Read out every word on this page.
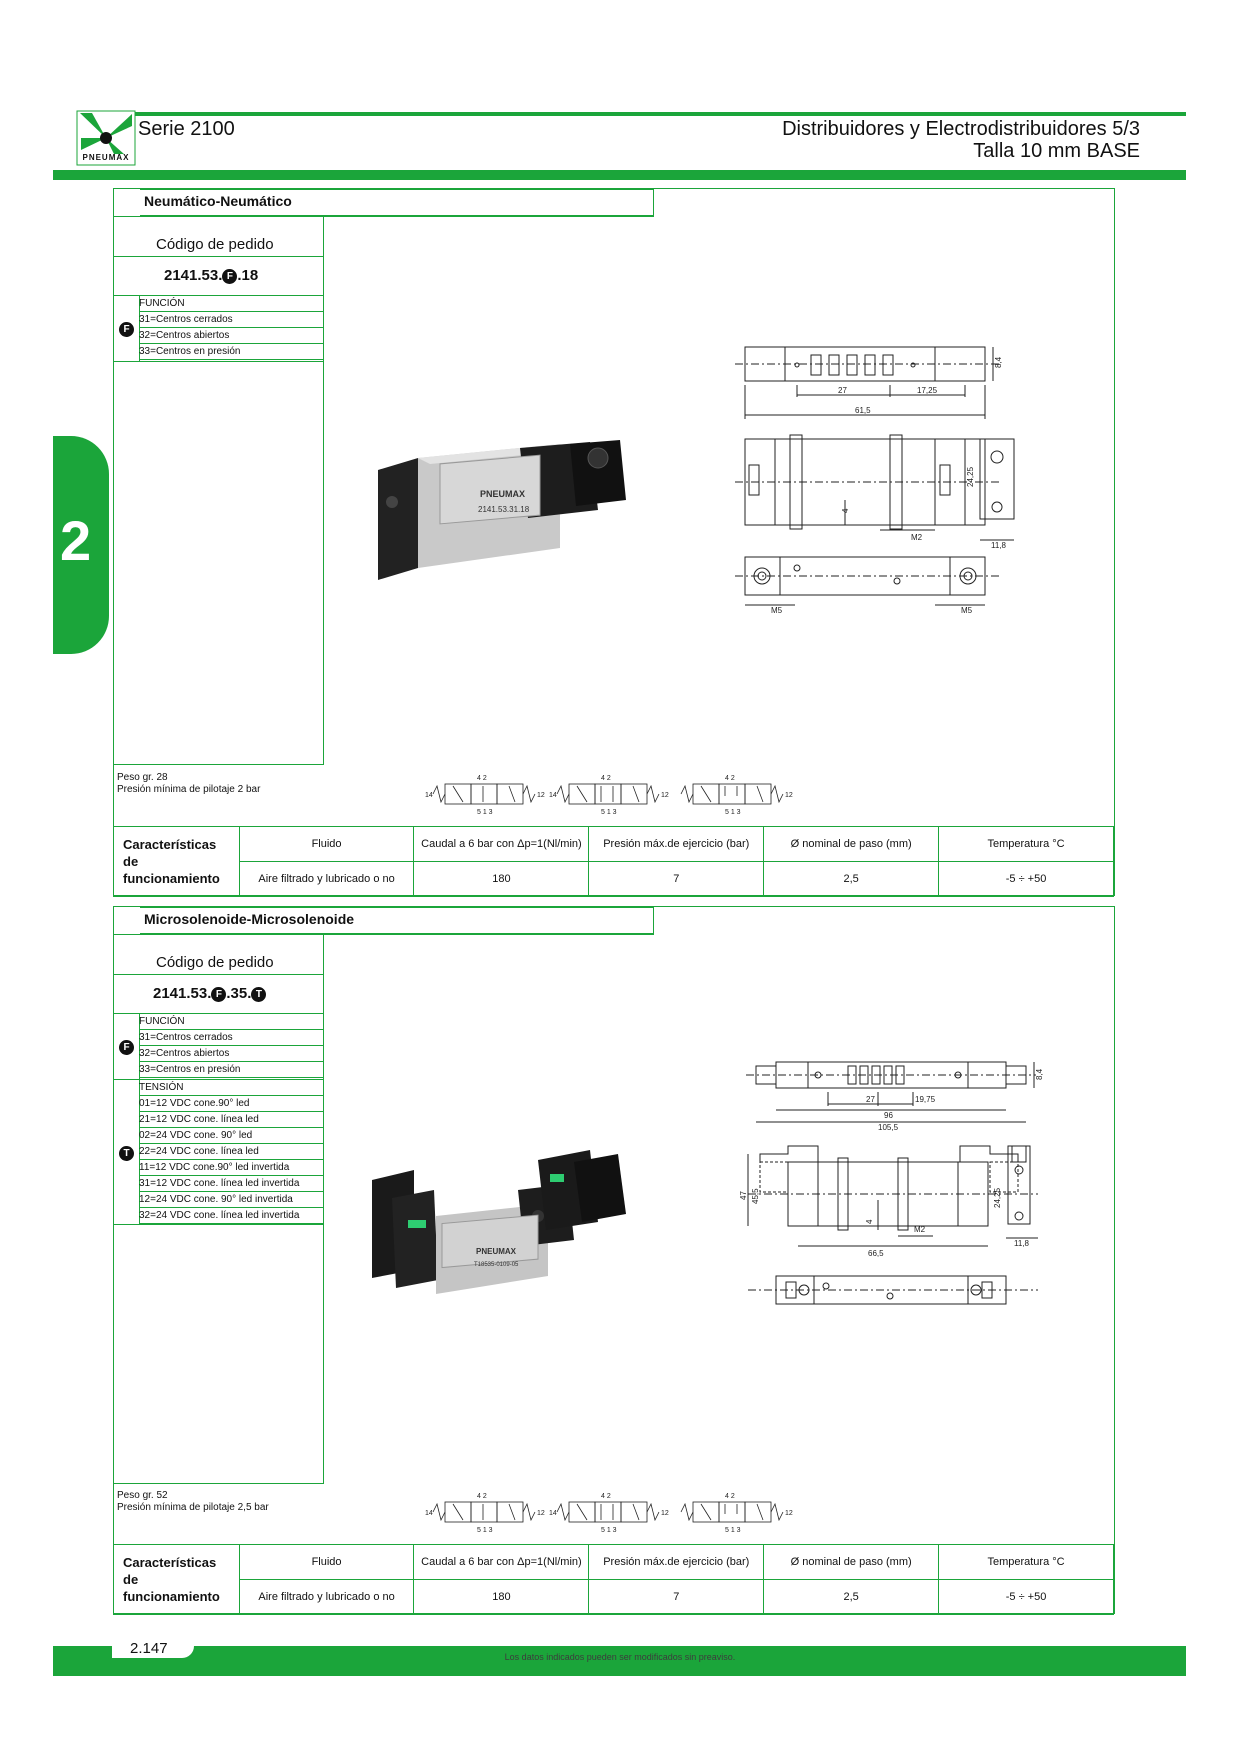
PNEUMAX
Serie 2100	Distribuidores y Electrodistribuidores 5/3
Talla 10 mm BASE
2
Neumático-Neumático
Código de pedido
2141.53. F .18
FUNCIÓN
31=Centros cerrados
32=Centros abiertos
33=Centros en presión
F
PNEUMAX
2141.53.31.18
8,4
27	17,25
61,5
24,25
4
M2
11,8
M5	M5
Peso gr. 28
Presión mínima de pilotaje 2 bar
4 2
5 1 3
14	12
4 2
5 1 3
14	12
4 2
5 1 3
12
Características
de
funcionamiento	Fluido	Caudal a 6 bar con Δp=1(Nl/min)	Presión máx.de ejercicio (bar)	Ø nominal de paso (mm)	Temperatura °C
	Aire filtrado y lubricado o no	180	7	2,5	-5 ÷ +50
Microsolenoide-Microsolenoide
Código de pedido
2141.53. F .35. T
FUNCIÓN
31=Centros cerrados
32=Centros abiertos
33=Centros en presión
F
TENSIÓN
01=12 VDC cone.90° led
21=12 VDC cone. línea led
02=24 VDC cone. 90° led
22=24 VDC cone. línea led
11=12 VDC cone.90° led invertida
31=12 VDC cone. línea led invertida
12=24 VDC cone. 90° led invertida
32=24 VDC cone. línea led invertida
T
PNEUMAX
T18535-0109-05
8,4
27	19,75
96
105,5
47 45,5	24,25
4
M2
66,5
11,8
Peso gr. 52
Presión mínima de pilotaje 2,5 bar
4 2
5 1 3
14	12
4 2
5 1 3
14	12
4 2
5 1 3
12
Características
de
funcionamiento	Fluido	Caudal a 6 bar con Δp=1(Nl/min)	Presión máx.de ejercicio (bar)	Ø nominal de paso (mm)	Temperatura °C
	Aire filtrado y lubricado o no	180	7	2,5	-5 ÷ +50
2.147	Los datos indicados pueden ser modificados sin preaviso.
